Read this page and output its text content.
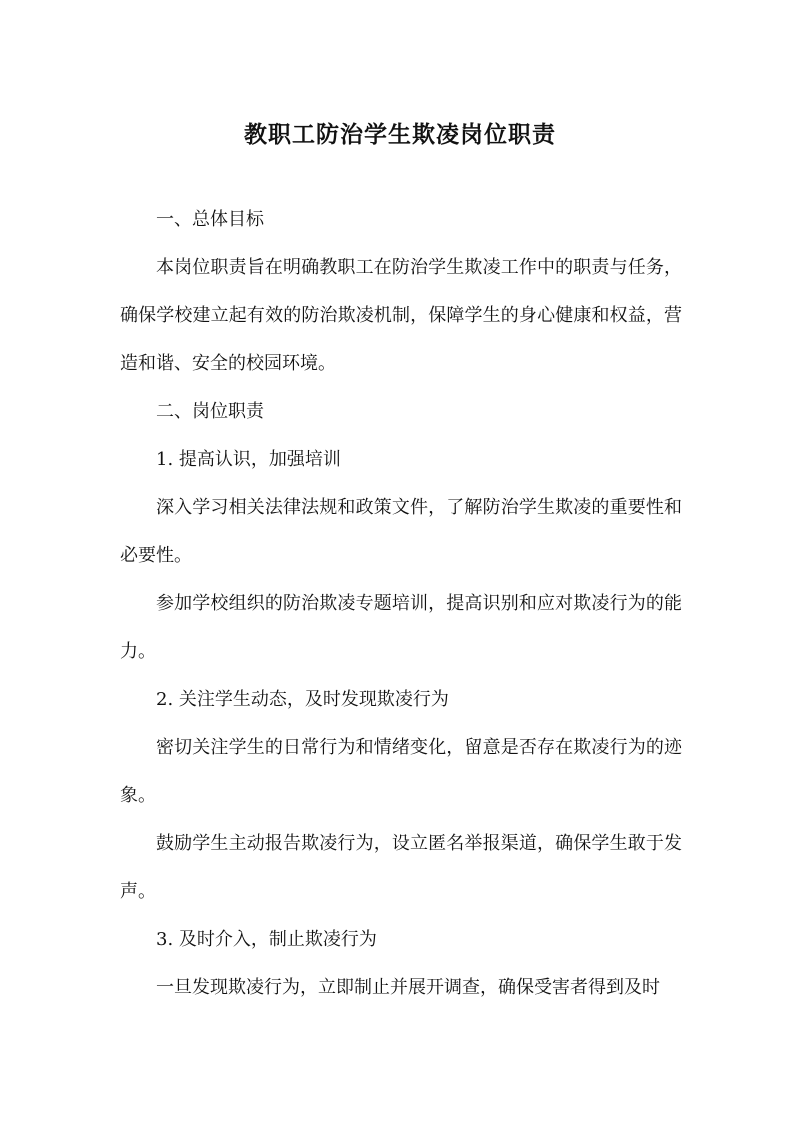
教职工防治学生欺凌岗位职责

一、总体目标

本岗位职责旨在明确教职工在防治学生欺凌工作中的职责与任务，确保学校建立起有效的防治欺凌机制，保障学生的身心健康和权益，营造和谐、安全的校园环境。

二、岗位职责

1. 提高认识，加强培训

深入学习相关法律法规和政策文件，了解防治学生欺凌的重要性和必要性。

参加学校组织的防治欺凌专题培训，提高识别和应对欺凌行为的能力。

2. 关注学生动态，及时发现欺凌行为

密切关注学生的日常行为和情绪变化，留意是否存在欺凌行为的迹象。

鼓励学生主动报告欺凌行为，设立匿名举报渠道，确保学生敢于发声。

3. 及时介入，制止欺凌行为

一旦发现欺凌行为，立即制止并展开调查，确保受害者得到及时
